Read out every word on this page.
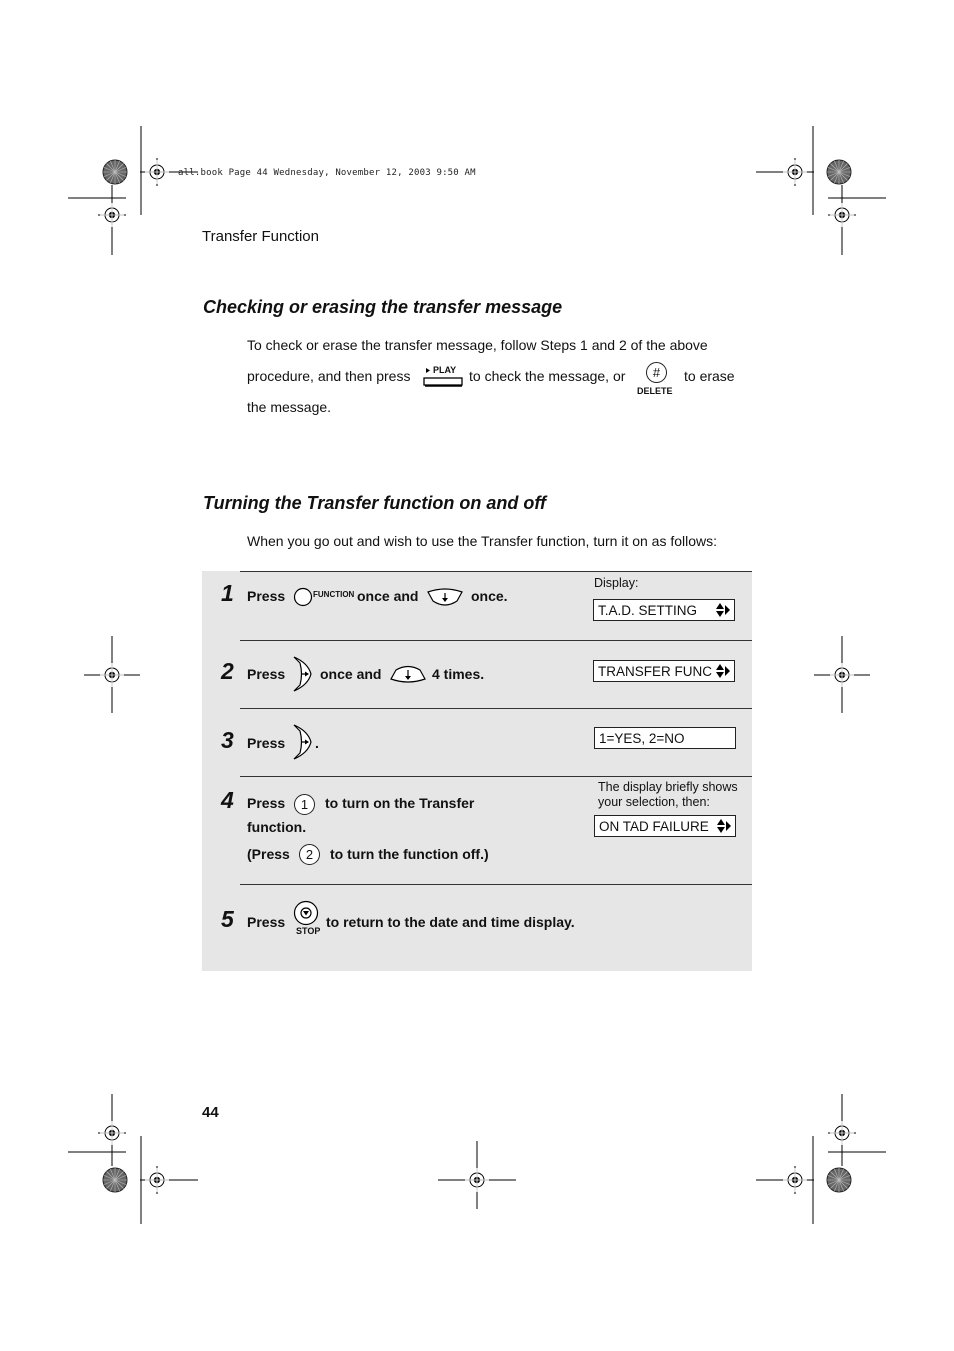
all.book Page 44 Wednesday, November 12, 2003 9:50 AM
Transfer Function
Checking or erasing the transfer message
To check or erase the transfer message, follow Steps 1 and 2 of the above
procedure, and then press	PLAY to check the message, or	#
DELETE
to erase
the message.
Turning the Transfer function on and off
When you go out and wish to use the Transfer function, turn it on as follows:
1 Press	FUNCTION once and	once.
Display:
T.A.D. SETTING
2 Press once and	4 times.	TRANSFER FUNC
3 Press .	1=YES, 2=NO
4 Press	1	to turn on the Transfer
function.
(Press	2	to turn the function off.)
The display briefly shows
your selection, then:
ON TAD FAILURE
5 Press
STOP
to return to the date and time display.
44
